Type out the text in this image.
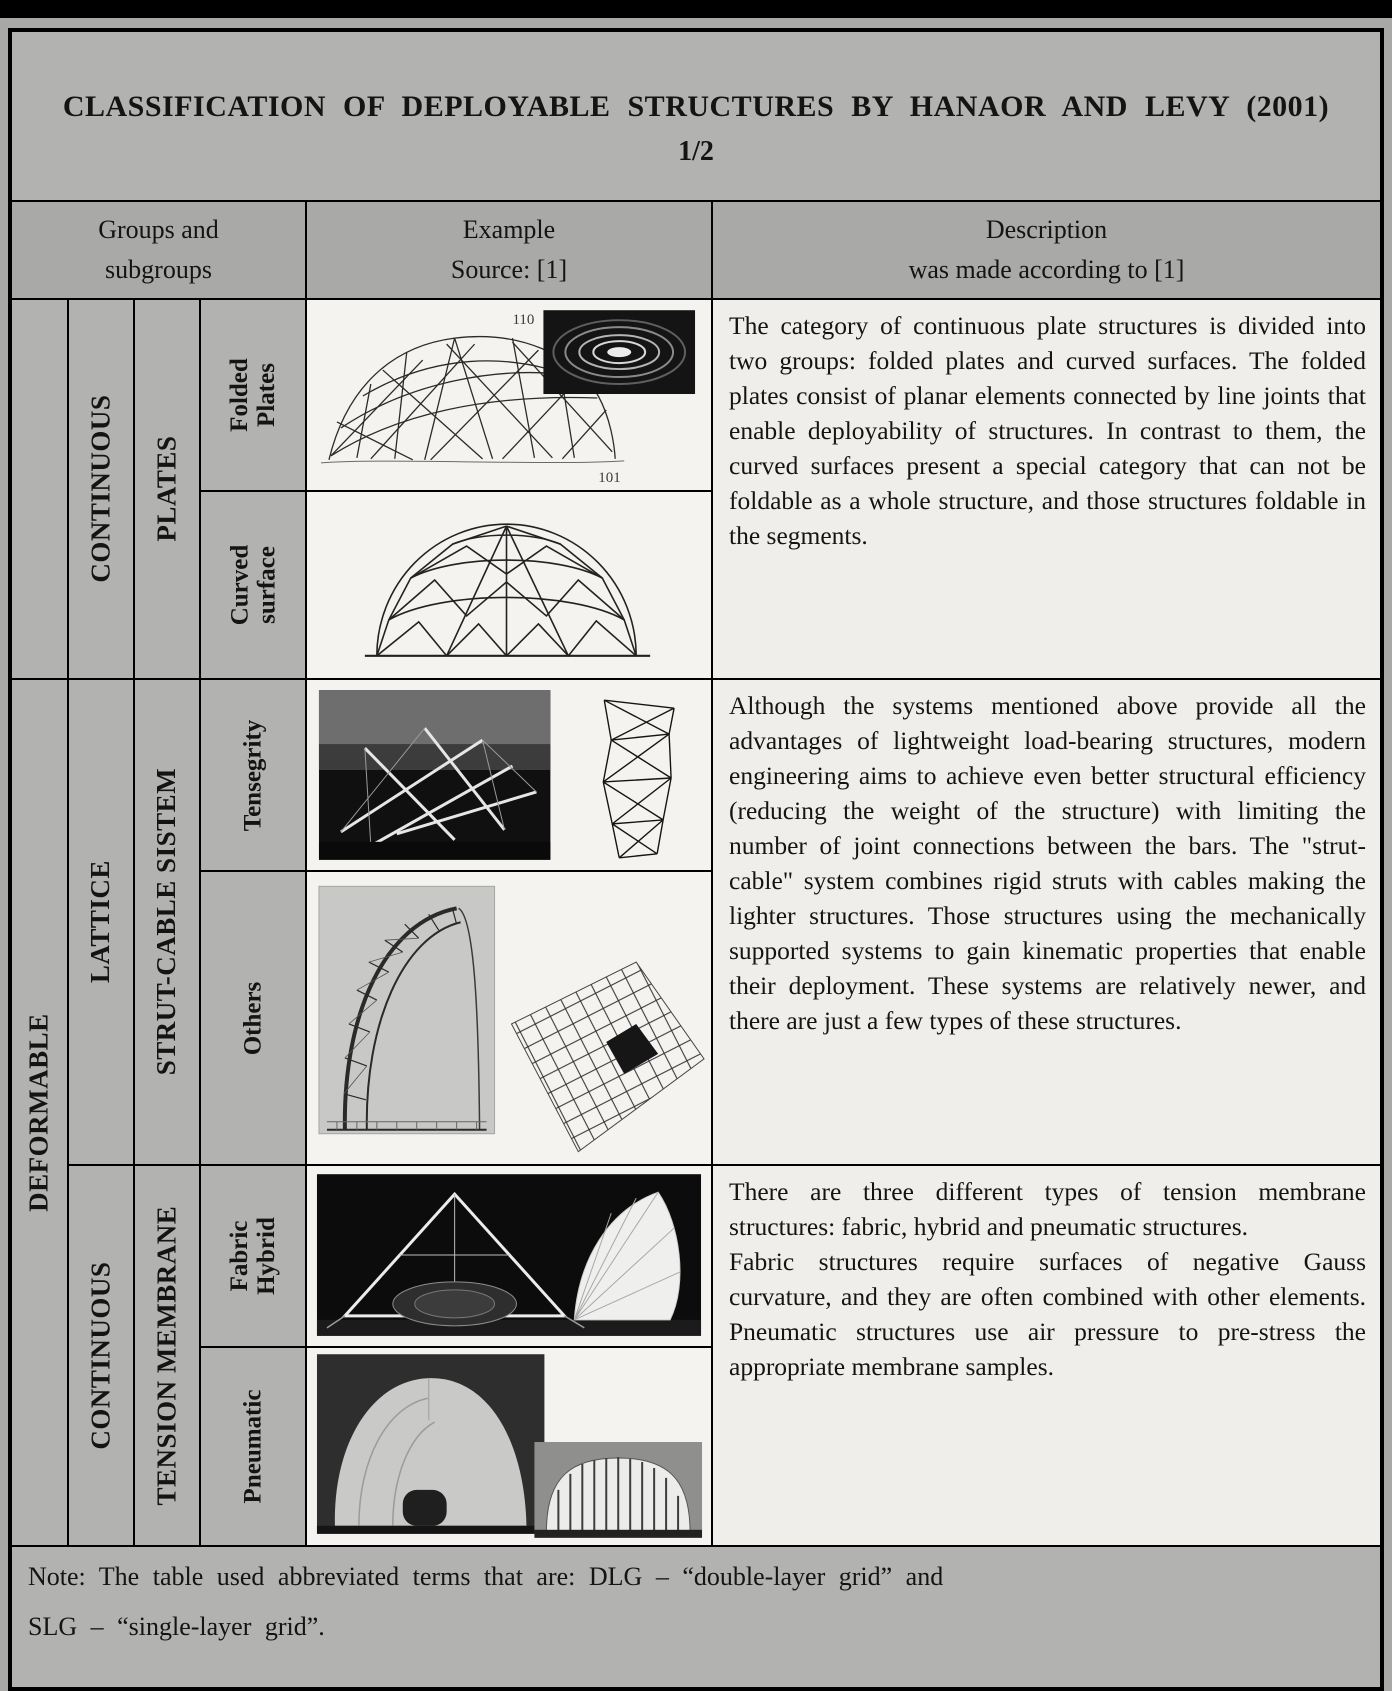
CLASSIFICATION OF DEPLOYABLE STRUCTURES BY HANAOR AND LEVY (2001)
1/2
Groups and
subgroups
Example
Source: [1]
Description
was made according to [1]
CONTINUOUS PLATES
Folded Plates
Curved surface
110
101
The category of continuous plate structures is divided into two groups: folded plates and curved surfaces. The folded plates consist of planar elements connected by line joints that enable deployability of structures. In contrast to them, the curved surfaces present a special category that can not be foldable as a whole structure, and those structures foldable in the segments.
DEFORMABLE
LATTICE STRUT-CABLE SISTEM Tensegrity
Others
Although the systems mentioned above provide all the advantages of lightweight load-bearing structures, modern engineering aims to achieve even better structural efficiency (reducing the weight of the structure) with limiting the number of joint connections between the bars. The "strut-cable" system combines rigid struts with cables making the lighter structures. Those structures using the mechanically supported systems to gain kinematic properties that enable their deployment. These systems are relatively newer, and there are just a few types of these structures.
CONTINUOUS TENSION MEMBRANE Fabric Hybrid
Pneumatic

There are three different types of tension membrane structures: fabric, hybrid and pneumatic structures.

Fabric structures require surfaces of negative Gauss curvature, and they are often combined with other elements. Pneumatic structures use air pressure to pre-stress the appropriate membrane samples.

Note: The table used abbreviated terms that are: DLG – “double-layer grid” and
SLG – “single-layer grid”.
